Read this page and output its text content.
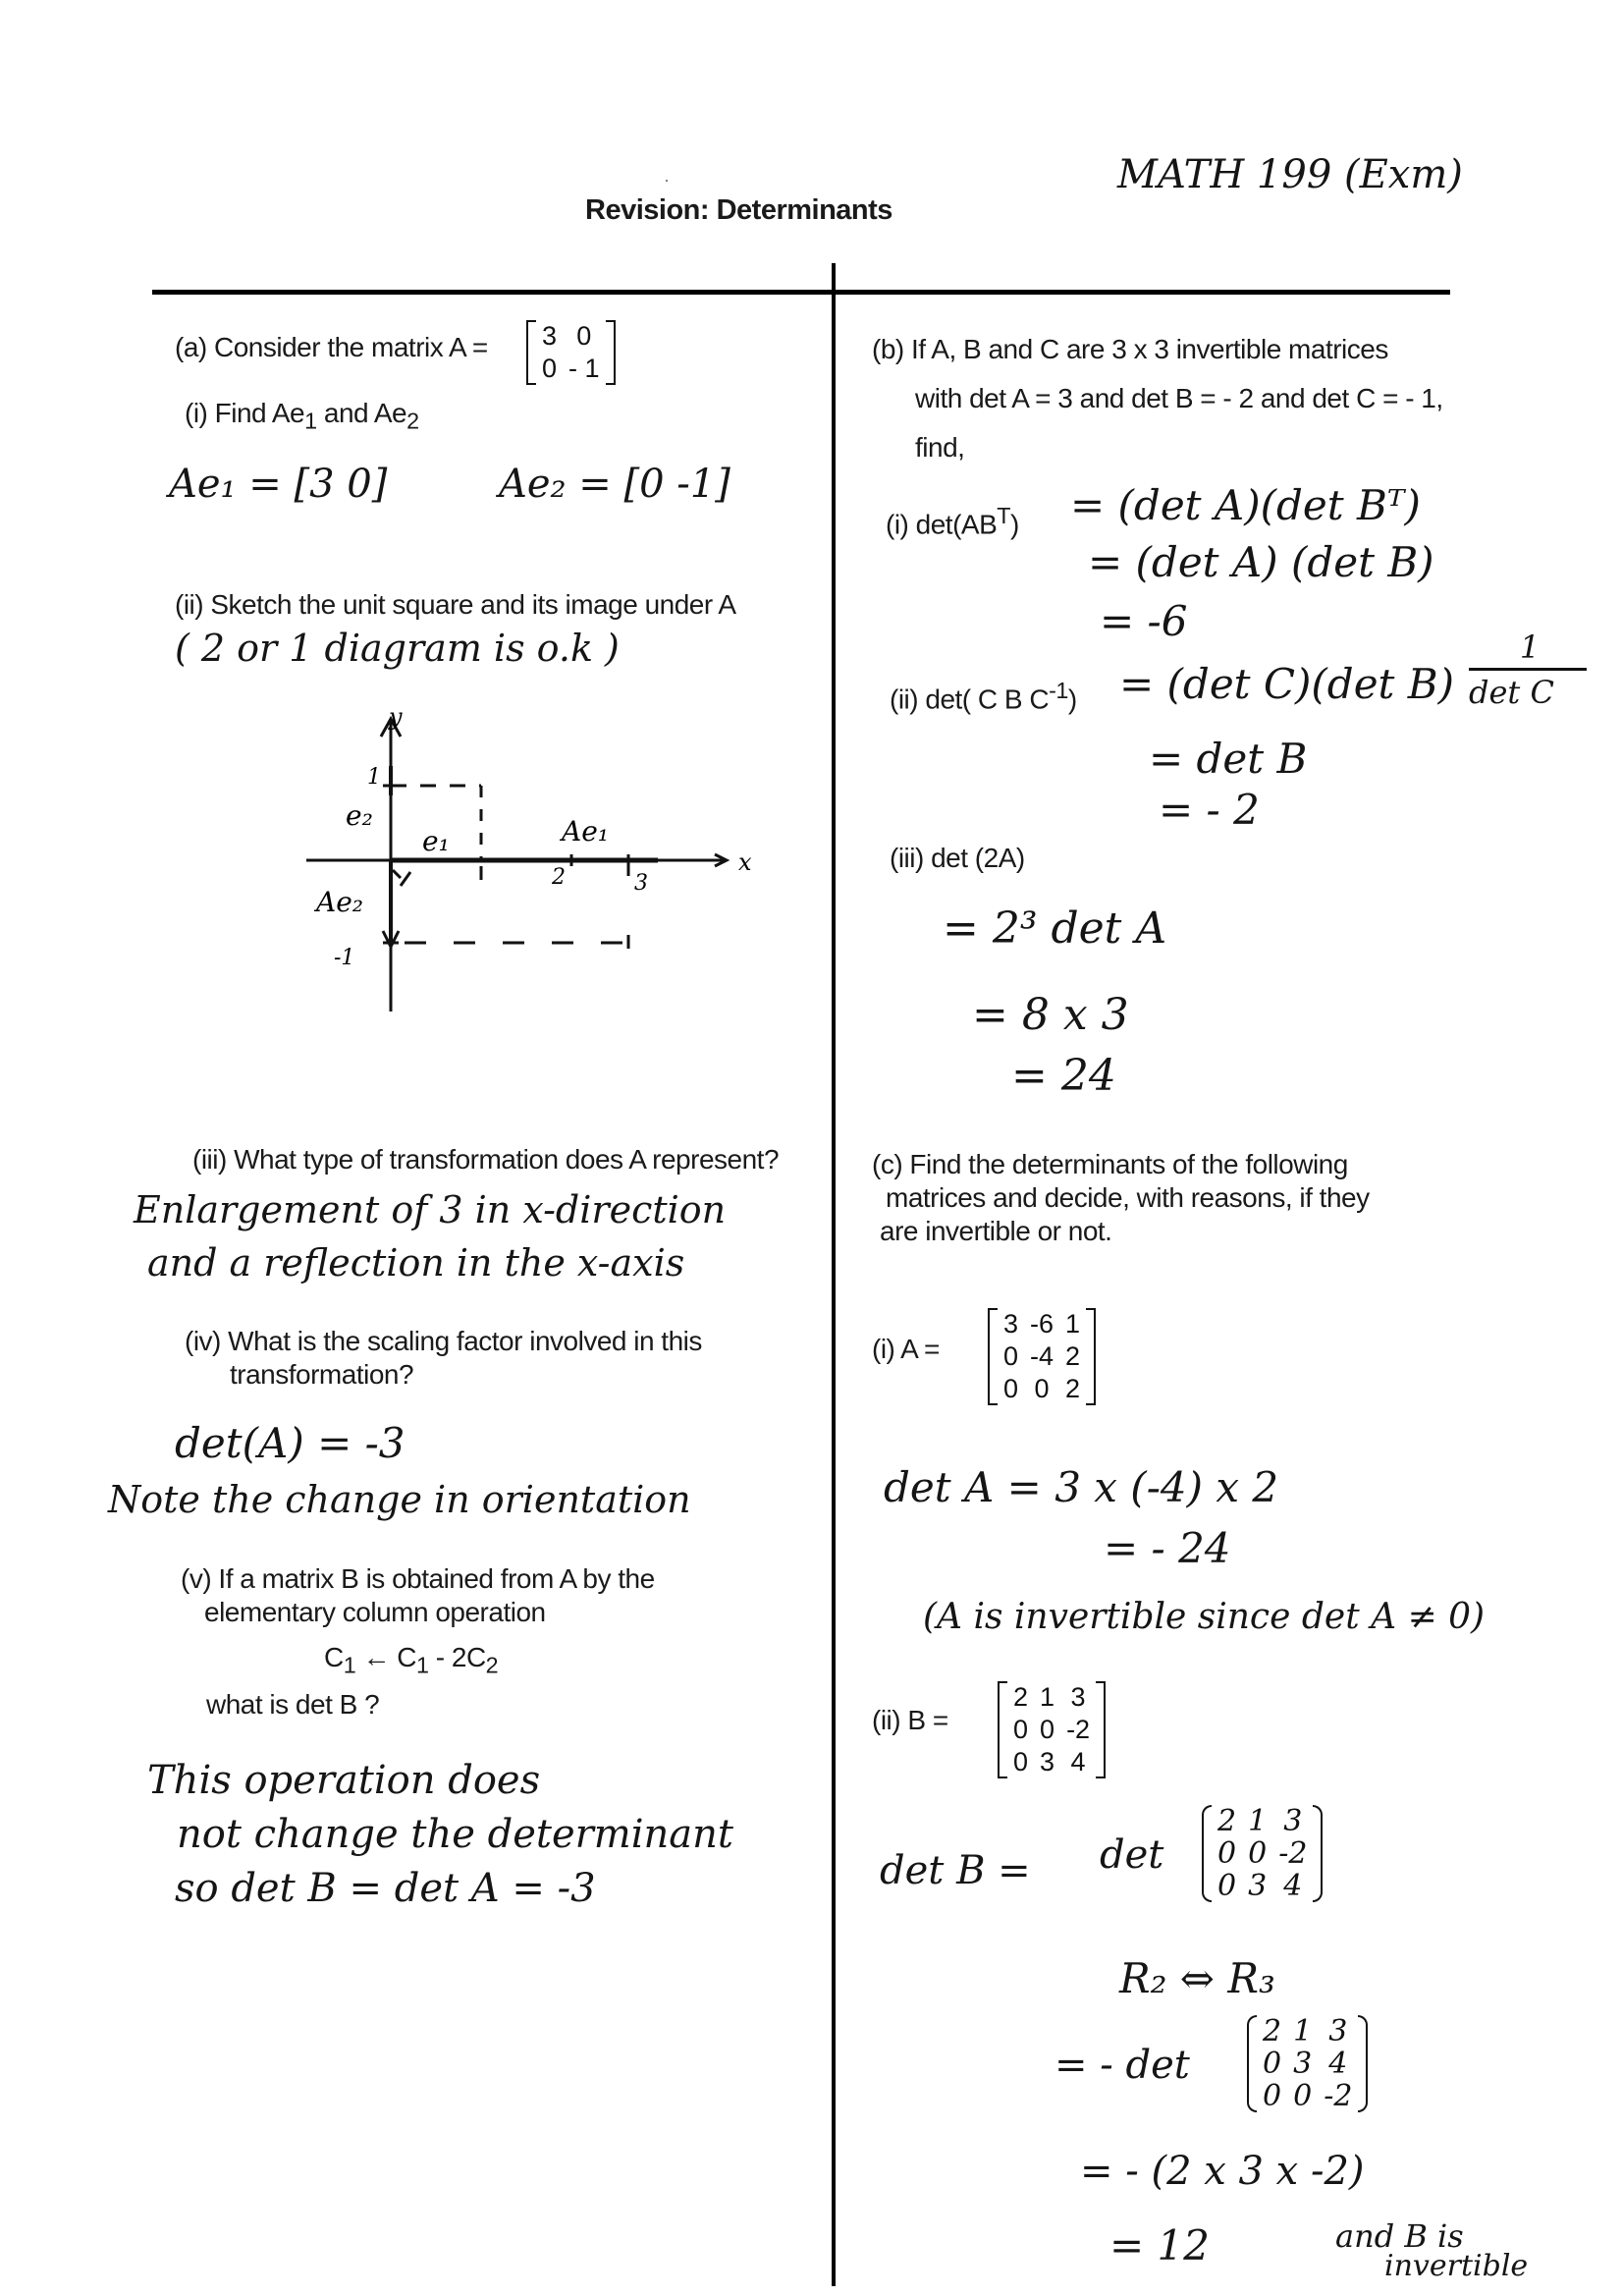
Revision: Determinants
MATH 199 (Exm)
(a) Consider the matrix A = 3	0
0	- 1
(i) Find $Ae_1$ and $Ae_2$
Ae₁ = [3 0]	Ae₂ = [0 -1]
(ii) Sketch the unit square and its image under A
( 2 or 1 diagram is o.k )
y
x
e₂
e₁
1
Ae₁
2	3
Ae₂
-1
(iii) What type of transformation does A represent?
Enlargement of 3 in x-direction
and a reflection in the x-axis
(iv) What is the scaling factor involved in this
transformation?
det(A) = -3
Note the change in orientation
(v) If a matrix B is obtained from A by the
elementary column operation
$C_1$ ← $C_1 - 2C_2$
what is det B ?
This operation does
not change the determinant
so det B = det A = -3
(b) If A, B and C are 3 x 3 invertible matrices
with det A = 3 and det B = - 2 and det C = - 1,
find,
(i) $\det(AB^T) = (\det$ A)(det Bᵀ)
= (det A) (det B)
= -6
(ii) det( C B $C^{-1}) = (\det$ C)(det B)
1
det C
= det B
= - 2
(iii) det (2A)
= 2³ det A
= 8 x 3
= 24
(c) Find the determinants of the following
matrices and decide, with reasons, if they
are invertible or not.
(i) A =
3	-6	1
0	-4	2
0	0	2
det A = 3 x (-4) x 2
= - 24
(A is invertible since det A ≠ 0)
(ii) B =
2	1	3
0	0	-2
0	3	4
det B = det
2	1	3
0	0	-2
0	3	4
R₂ ⇔ R₃
= - det
2	1	3
0	3	4
0	0	-2
= - (2 x 3 x -2)
= 12	and B is
invertible
